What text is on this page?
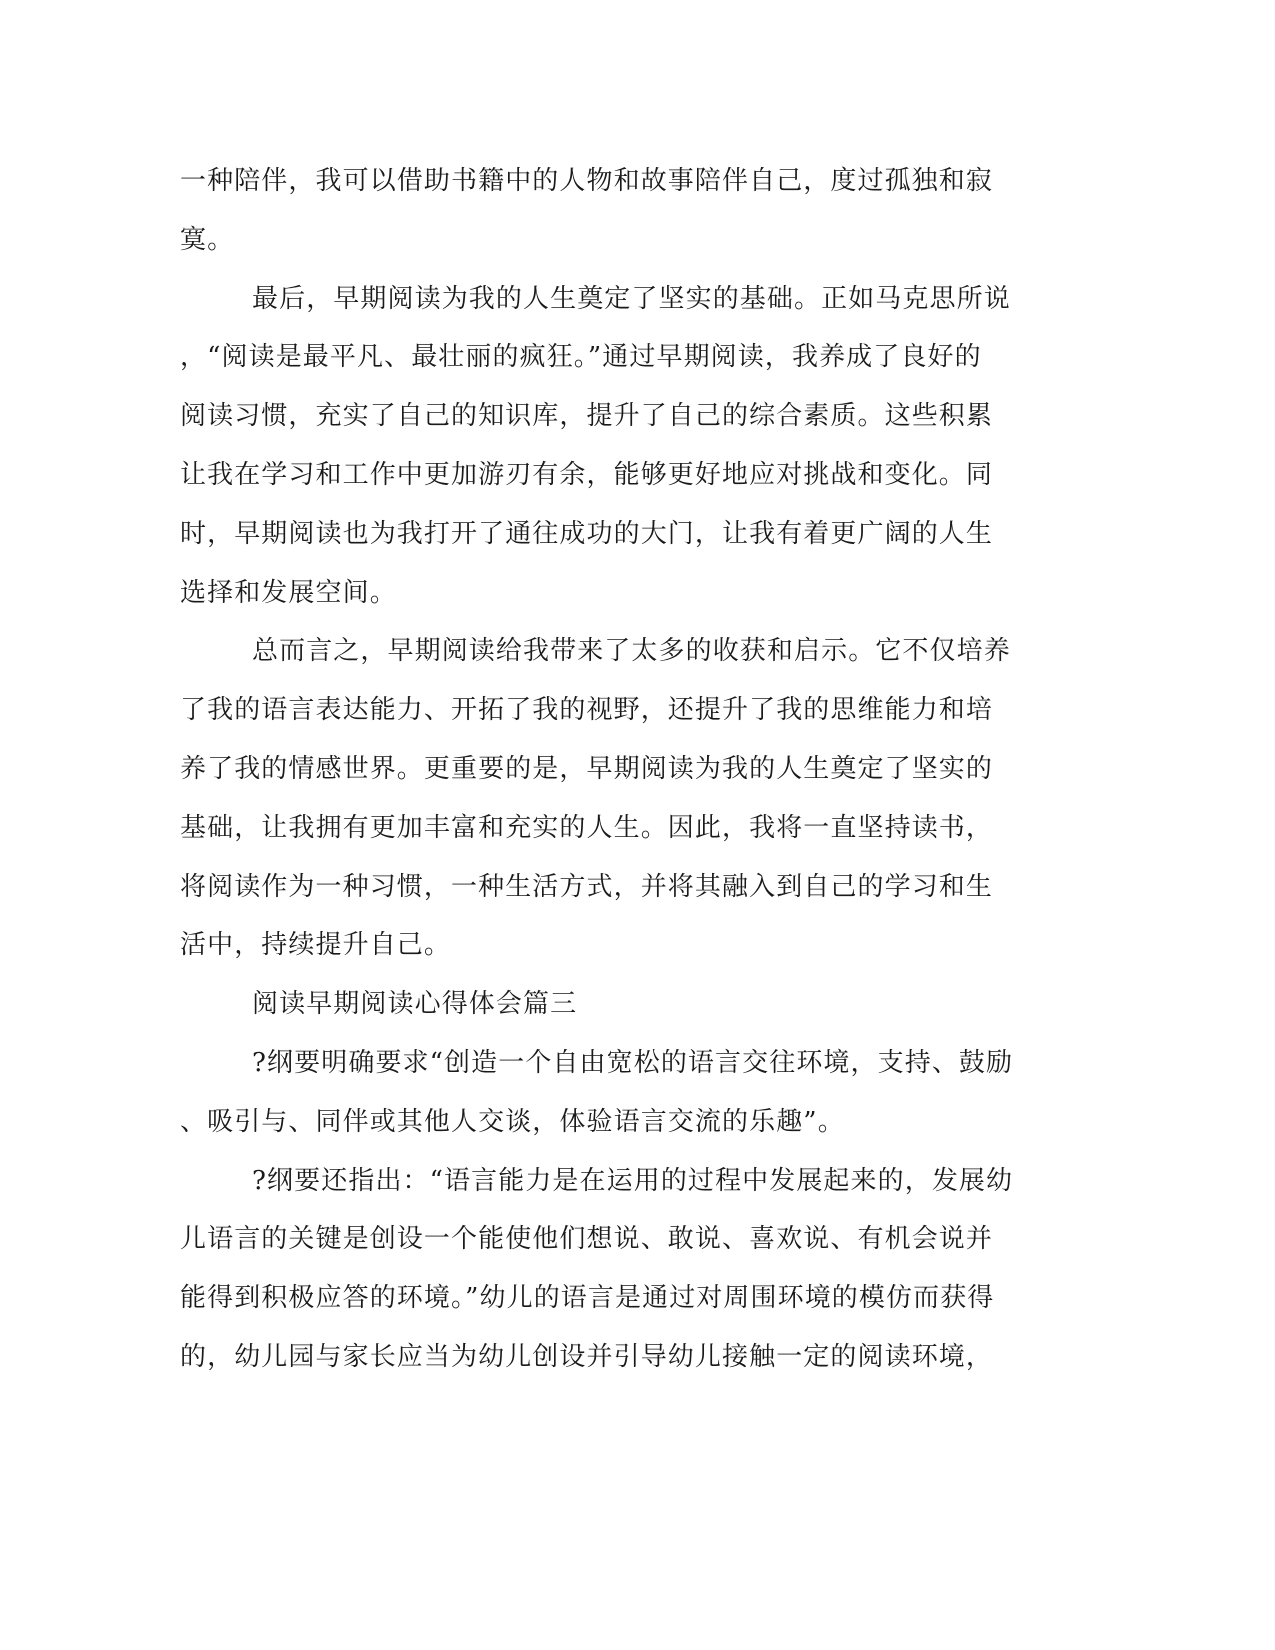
一种陪伴，我可以借助书籍中的人物和故事陪伴自己，度过孤独和寂
寞。
最后，早期阅读为我的人生奠定了坚实的基础。正如马克思所说
，“阅读是最平凡、最壮丽的疯狂。”通过早期阅读，我养成了良好的
阅读习惯，充实了自己的知识库，提升了自己的综合素质。这些积累
让我在学习和工作中更加游刃有余，能够更好地应对挑战和变化。同
时，早期阅读也为我打开了通往成功的大门，让我有着更广阔的人生
选择和发展空间。
总而言之，早期阅读给我带来了太多的收获和启示。它不仅培养
了我的语言表达能力、开拓了我的视野，还提升了我的思维能力和培
养了我的情感世界。更重要的是，早期阅读为我的人生奠定了坚实的
基础，让我拥有更加丰富和充实的人生。因此，我将一直坚持读书，
将阅读作为一种习惯，一种生活方式，并将其融入到自己的学习和生
活中，持续提升自己。
阅读早期阅读心得体会篇三
?纲要明确要求“创造一个自由宽松的语言交往环境，支持、鼓励
、吸引与、同伴或其他人交谈，体验语言交流的乐趣”。
?纲要还指出：“语言能力是在运用的过程中发展起来的，发展幼
儿语言的关键是创设一个能使他们想说、敢说、喜欢说、有机会说并
能得到积极应答的环境。”幼儿的语言是通过对周围环境的模仿而获得
的，幼儿园与家长应当为幼儿创设并引导幼儿接触一定的阅读环境，
